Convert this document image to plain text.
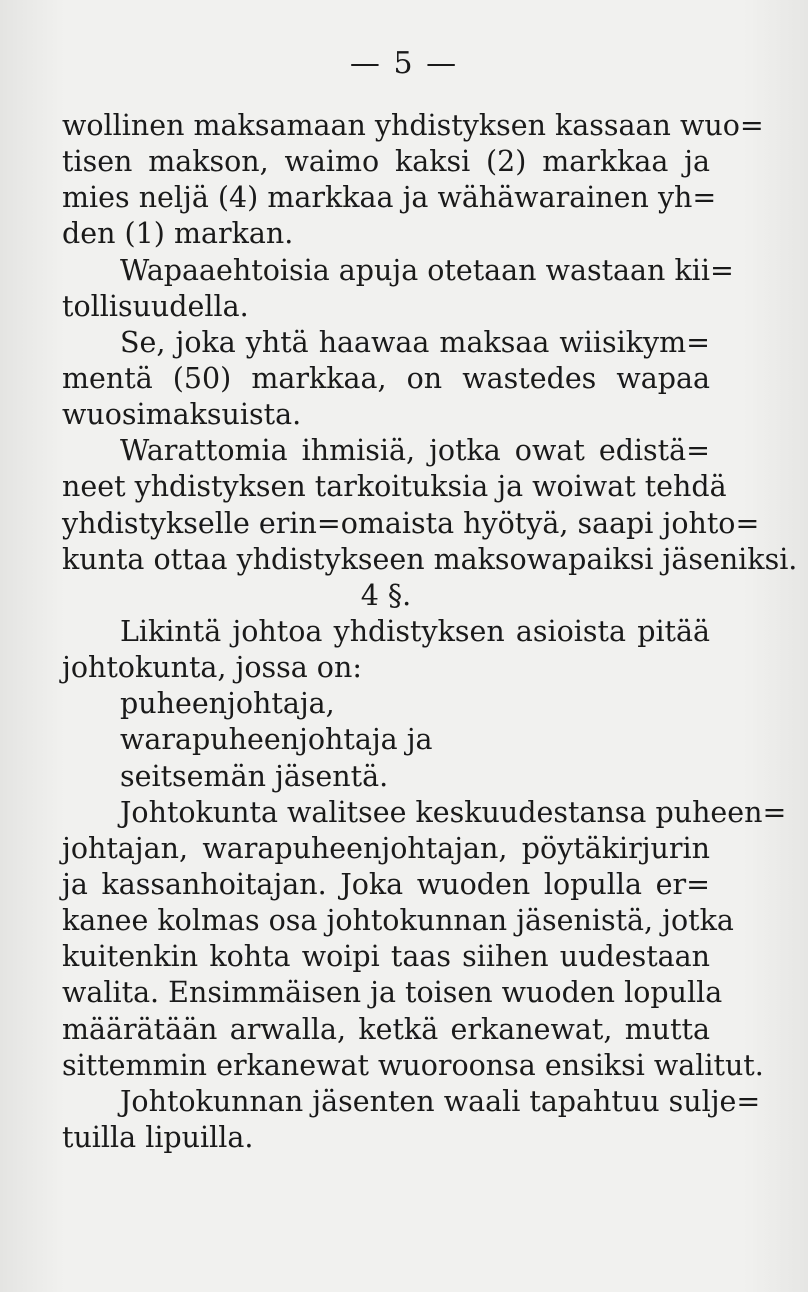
— 5 —
wollinen maksamaan yhdistyksen kassaan wuo=
tisen makson, waimo kaksi (2) markkaa ja
mies neljä (4) markkaa ja wähäwarainen yh=
den (1) markan.
Wapaaehtoisia apuja otetaan wastaan kii=
tollisuudella.
Se, joka yhtä haawaa maksaa wiisikym=
mentä (50) markkaa, on wastedes wapaa
wuosimaksuista.
Warattomia ihmisiä, jotka owat edistä=
neet yhdistyksen tarkoituksia ja woiwat tehdä
yhdistykselle erin=omaista hyötyä, saapi johto=
kunta ottaa yhdistykseen maksowapaiksi jäseniksi.
4 §.
Likintä johtoa yhdistyksen asioista pitää
johtokunta, jossa on:
puheenjohtaja,
warapuheenjohtaja ja
seitsemän jäsentä.
Johtokunta walitsee keskuudestansa puheen=
johtajan, warapuheenjohtajan, pöytäkirjurin
ja kassanhoitajan. Joka wuoden lopulla er=
kanee kolmas osa johtokunnan jäsenistä, jotka
kuitenkin kohta woipi taas siihen uudestaan
walita. Ensimmäisen ja toisen wuoden lopulla
määrätään arwalla, ketkä erkanewat, mutta
sittemmin erkanewat wuoroonsa ensiksi walitut.
Johtokunnan jäsenten waali tapahtuu sulje=
tuilla lipuilla.
